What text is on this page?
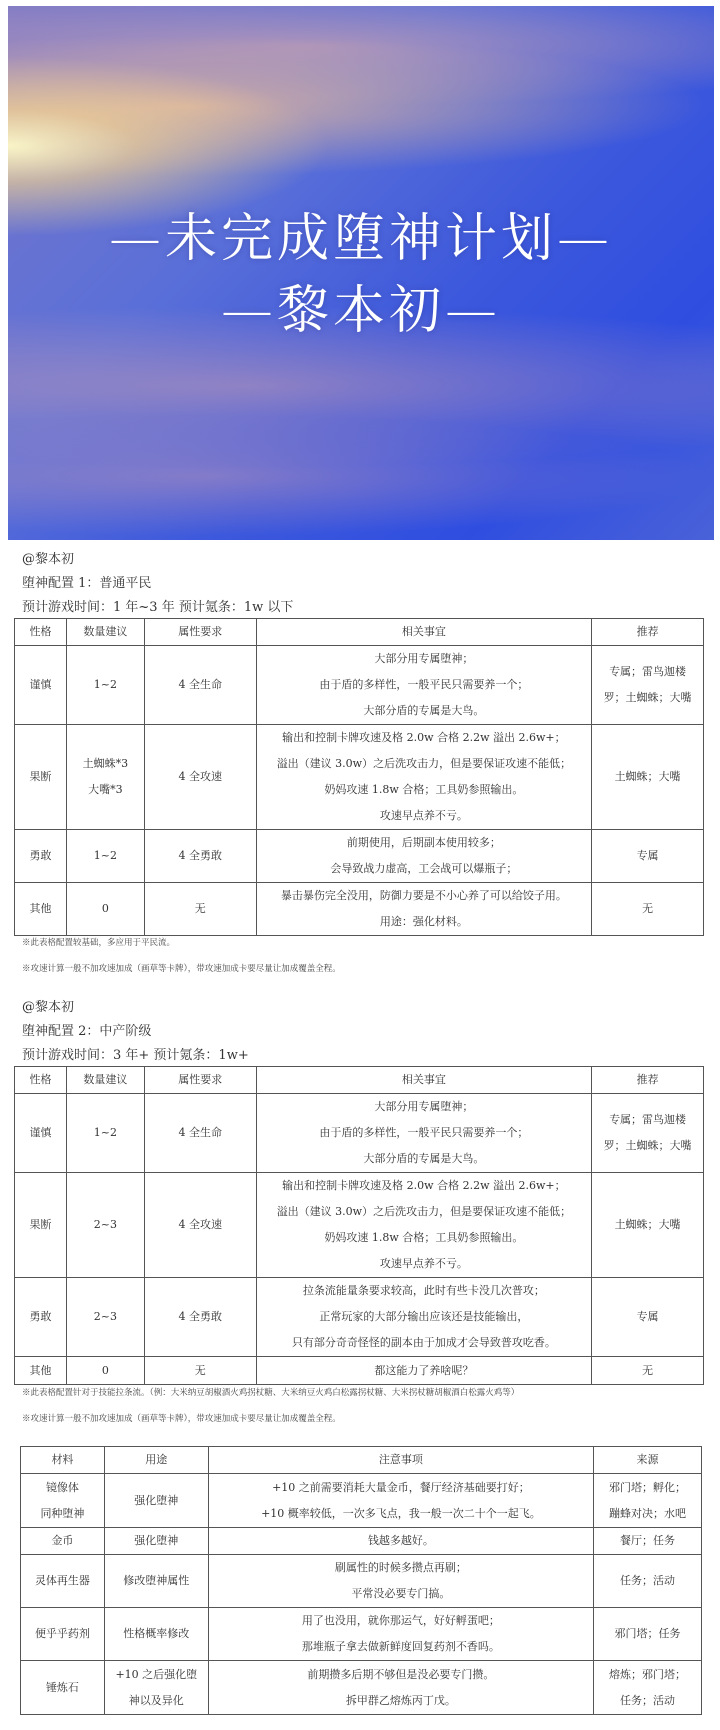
—未完成堕神计划—
—黎本初—
@黎本初
堕神配置 1：普通平民
预计游戏时间：1 年~3 年 预计氪条：1w 以下
性格	数量建议	属性要求	相关事宜	推荐
谨慎	1~2	4 全生命	大部分用专属堕神；
由于盾的多样性，一般平民只需要养一个；
大部分盾的专属是大鸟。	专属；雷鸟迦楼
罗；土蜘蛛；大嘴

果断	土蜘蛛*3
大嘴*3	4 全攻速	输出和控制卡牌攻速及格 2.0w 合格 2.2w 溢出 2.6w+；
溢出（建议 3.0w）之后洗攻击力，但是要保证攻速不能低；
奶妈攻速 1.8w 合格；工具奶参照输出。
攻速早点养不亏。	土蜘蛛；大嘴

勇敢	1~2	4 全勇敢	前期使用，后期副本使用较多；
会导致战力虚高，工会战可以爆瓶子；	专属

其他	0	无	暴击暴伤完全没用，防御力要是不小心养了可以给饺子用。
用途：强化材料。	无
※此表格配置较基础，多应用于平民流。
※攻速计算一般不加攻速加成（画草等卡牌），带攻速加成卡要尽量让加成覆盖全程。
@黎本初
堕神配置 2：中产阶级
预计游戏时间：3 年+ 预计氪条：1w+
性格	数量建议	属性要求	相关事宜	推荐
谨慎	1~2	4 全生命	大部分用专属堕神；
由于盾的多样性，一般平民只需要养一个；
大部分盾的专属是大鸟。	专属；雷鸟迦楼
罗；土蜘蛛；大嘴

果断	2~3	4 全攻速	输出和控制卡牌攻速及格 2.0w 合格 2.2w 溢出 2.6w+；
溢出（建议 3.0w）之后洗攻击力，但是要保证攻速不能低；
奶妈攻速 1.8w 合格；工具奶参照输出。
攻速早点养不亏。	土蜘蛛；大嘴

勇敢	2~3	4 全勇敢	拉条流能量条要求较高，此时有些卡没几次普攻；
正常玩家的大部分输出应该还是技能输出，
只有部分奇奇怪怪的副本由于加成才会导致普攻吃香。	专属

其他	0	无	都这能力了养啥呢？	无
※此表格配置针对于技能拉条流。（例：大米纳豆胡椒酒火鸡拐杖糖、大米纳豆火鸡白松露拐杖糖、大米拐杖糖胡椒酒白松露火鸡等）
※攻速计算一般不加攻速加成（画草等卡牌），带攻速加成卡要尽量让加成覆盖全程。
材料	用途	注意事项	来源

镜像体
同种堕神	强化堕神	+10 之前需要消耗大量金币，餐厅经济基础要打好；
+10 概率较低，一次多飞点，我一般一次二十个一起飞。	邪门塔；孵化；
蹦蜂对决；水吧

金币	强化堕神	钱越多越好。	餐厅；任务

灵体再生器	修改堕神属性	刷属性的时候多攒点再刷；
平常没必要专门搞。	任务；活动

便乎乎药剂	性格概率修改	用了也没用，就你那运气，好好孵蛋吧；
那堆瓶子拿去做新鲜度回复药剂不香吗。	邪门塔；任务

锤炼石	+10 之后强化堕
神以及异化	前期攒多后期不够但是没必要专门攒。
拆甲群乙熔炼丙丁戊。	熔炼；邪门塔；
任务；活动
